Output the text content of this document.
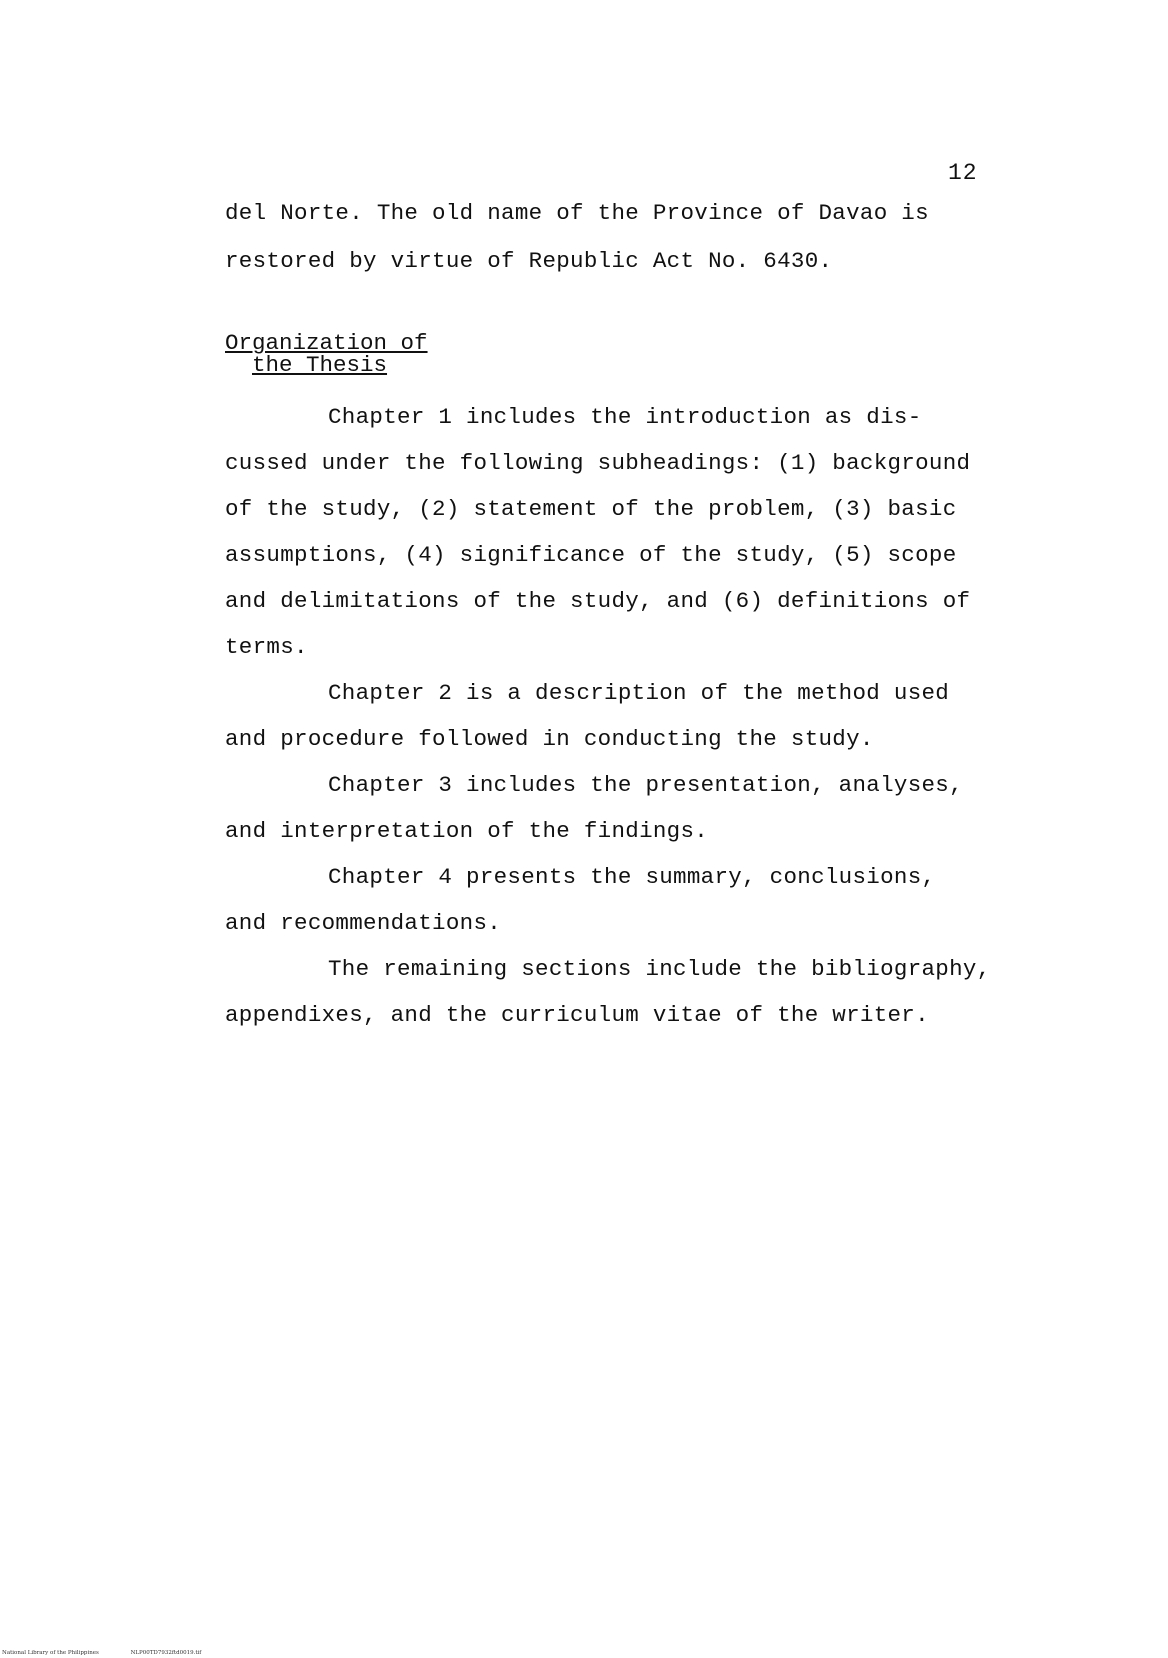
12
del Norte. The old name of the Province of Davao is
restored by virtue of Republic Act No. 6430.
Organization of
the Thesis
Chapter 1 includes the introduction as dis-
cussed under the following subheadings: (1) background
of the study, (2) statement of the problem, (3) basic
assumptions, (4) significance of the study, (5) scope
and delimitations of the study, and (6) definitions of
terms.
Chapter 2 is a description of the method used
and procedure followed in conducting the study.
Chapter 3 includes the presentation, analyses,
and interpretation of the findings.
Chapter 4 presents the summary, conclusions,
and recommendations.
The remaining sections include the bibliography,
appendixes, and the curriculum vitae of the writer.
National Library of the Philippines	NLP00TD7932ftd0019.tif
